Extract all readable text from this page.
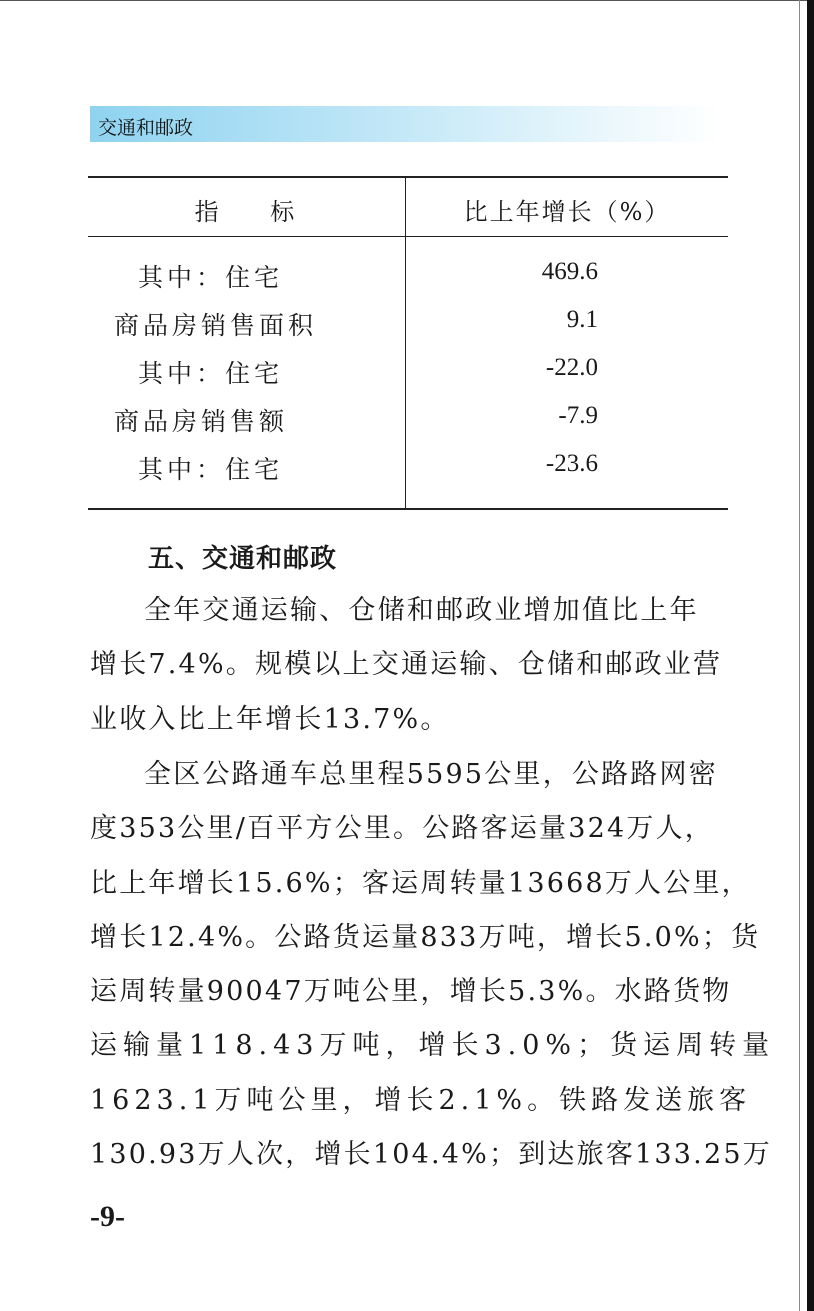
交通和邮政
指 标	比上年增长（%）
其中：住宅	469.6
商品房销售面积	9.1
其中：住宅	-22.0
商品房销售额	-7.9
其中：住宅	-23.6
五、交通和邮政
全年交通运输、仓储和邮政业增加值比上年
增长7.4%。规模以上交通运输、仓储和邮政业营
业收入比上年增长13.7%。
全区公路通车总里程5595公里，公路路网密
度353公里/百平方公里。公路客运量324万人，
比上年增长15.6%；客运周转量13668万人公里，
增长12.4%。公路货运量833万吨，增长5.0%；货
运周转量90047万吨公里，增长5.3%。水路货物
运输量118.43万吨，增长3.0%；货运周转量
1623.1万吨公里，增长2.1%。铁路发送旅客
130.93万人次，增长104.4%；到达旅客133.25万
-9-
